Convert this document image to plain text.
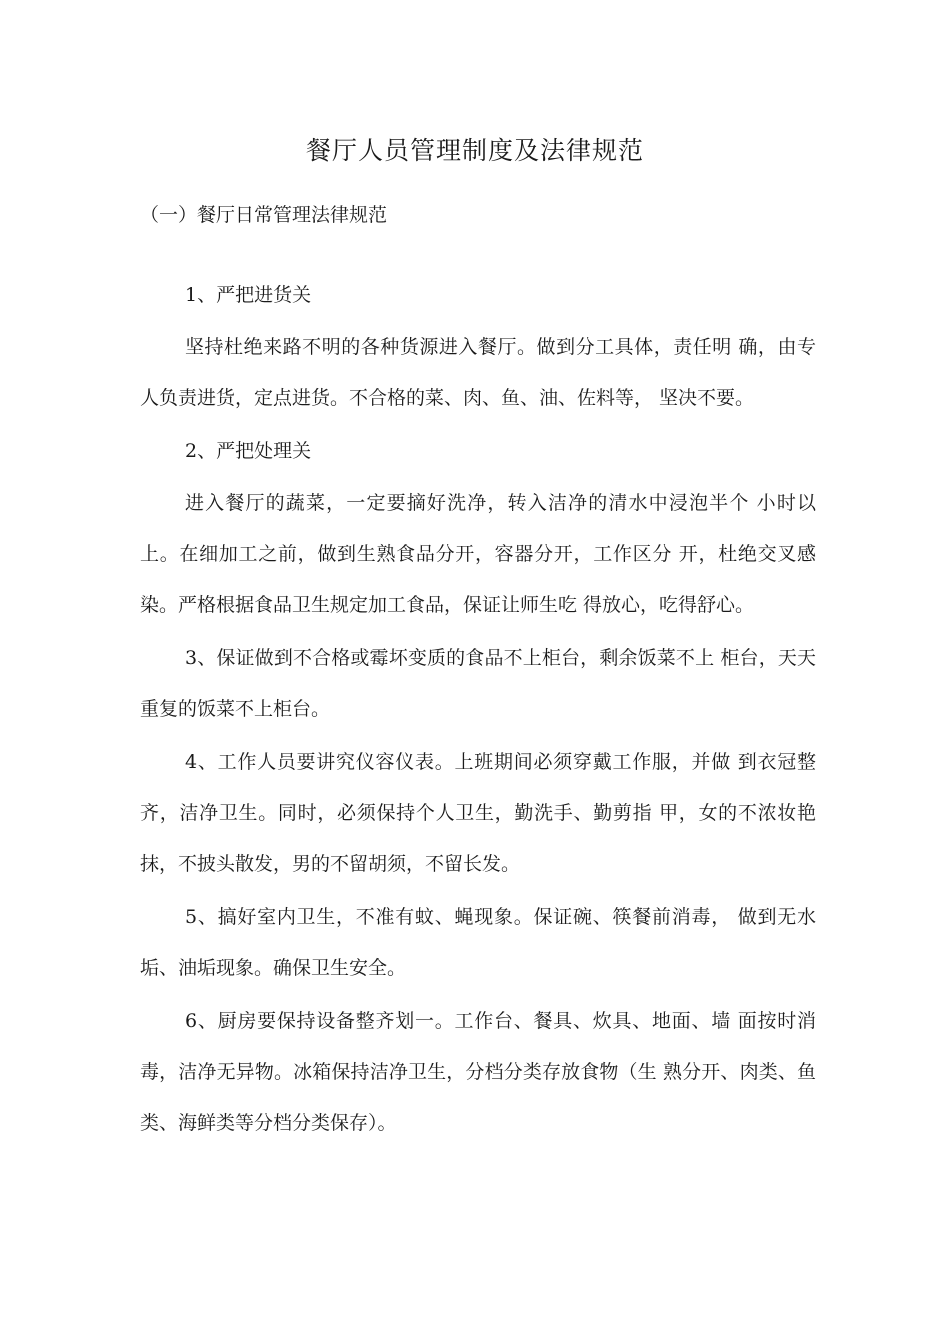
餐厅人员管理制度及法律规范
（一）餐厅日常管理法律规范

1、严把进货关

坚持杜绝来路不明的各种货源进入餐厅。做到分工具体，责任明 确，由专人负责进货，定点进货。不合格的菜、肉、鱼、油、佐料等， 坚决不要。

2、严把处理关

进入餐厅的蔬菜，一定要摘好洗净，转入洁净的清水中浸泡半个 小时以上。在细加工之前，做到生熟食品分开，容器分开，工作区分 开，杜绝交叉感染。严格根据食品卫生规定加工食品，保证让师生吃 得放心，吃得舒心。

3、保证做到不合格或霉坏变质的食品不上柜台，剩余饭菜不上 柜台，天天重复的饭菜不上柜台。

4、工作人员要讲究仪容仪表。上班期间必须穿戴工作服，并做 到衣冠整齐，洁净卫生。同时，必须保持个人卫生，勤洗手、勤剪指 甲，女的不浓妆艳抹，不披头散发，男的不留胡须，不留长发。

5、搞好室内卫生，不准有蚊、蝇现象。保证碗、筷餐前消毒， 做到无水垢、油垢现象。确保卫生安全。

6、厨房要保持设备整齐划一。工作台、餐具、炊具、地面、墙 面按时消毒，洁净无异物。冰箱保持洁净卫生，分档分类存放食物（生 熟分开、肉类、鱼类、海鲜类等分档分类保存）。
